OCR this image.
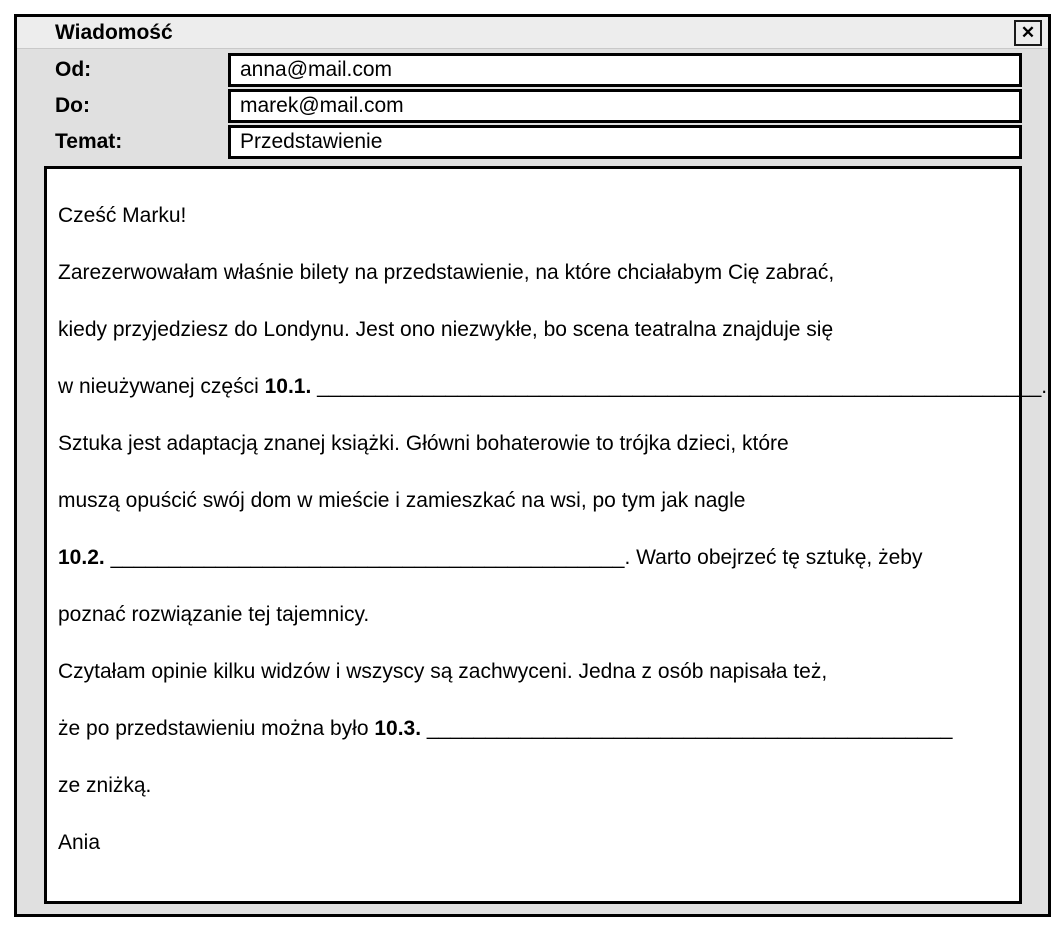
Wiadomość	✕
Od:	anna@mail.com
Do:	marek@mail.com
Temat:	Przedstawienie
Cześć Marku!
Zarezerwowałam właśnie bilety na przedstawienie, na które chciałabym Cię zabrać,
kiedy przyjedziesz do Londynu. Jest ono niezwykłe, bo scena teatralna znajduje się
w nieużywanej części 10.1. ______________________________________________________________.
Sztuka jest adaptacją znanej książki. Główni bohaterowie to trójka dzieci, które
muszą opuścić swój dom w mieście i zamieszkać na wsi, po tym jak nagle
10.2. ____________________________________________. Warto obejrzeć tę sztukę, żeby
poznać rozwiązanie tej tajemnicy.
Czytałam opinie kilku widzów i wszyscy są zachwyceni. Jedna z osób napisała też,
że po przedstawieniu można było 10.3. _____________________________________________
ze zniżką.
Ania
